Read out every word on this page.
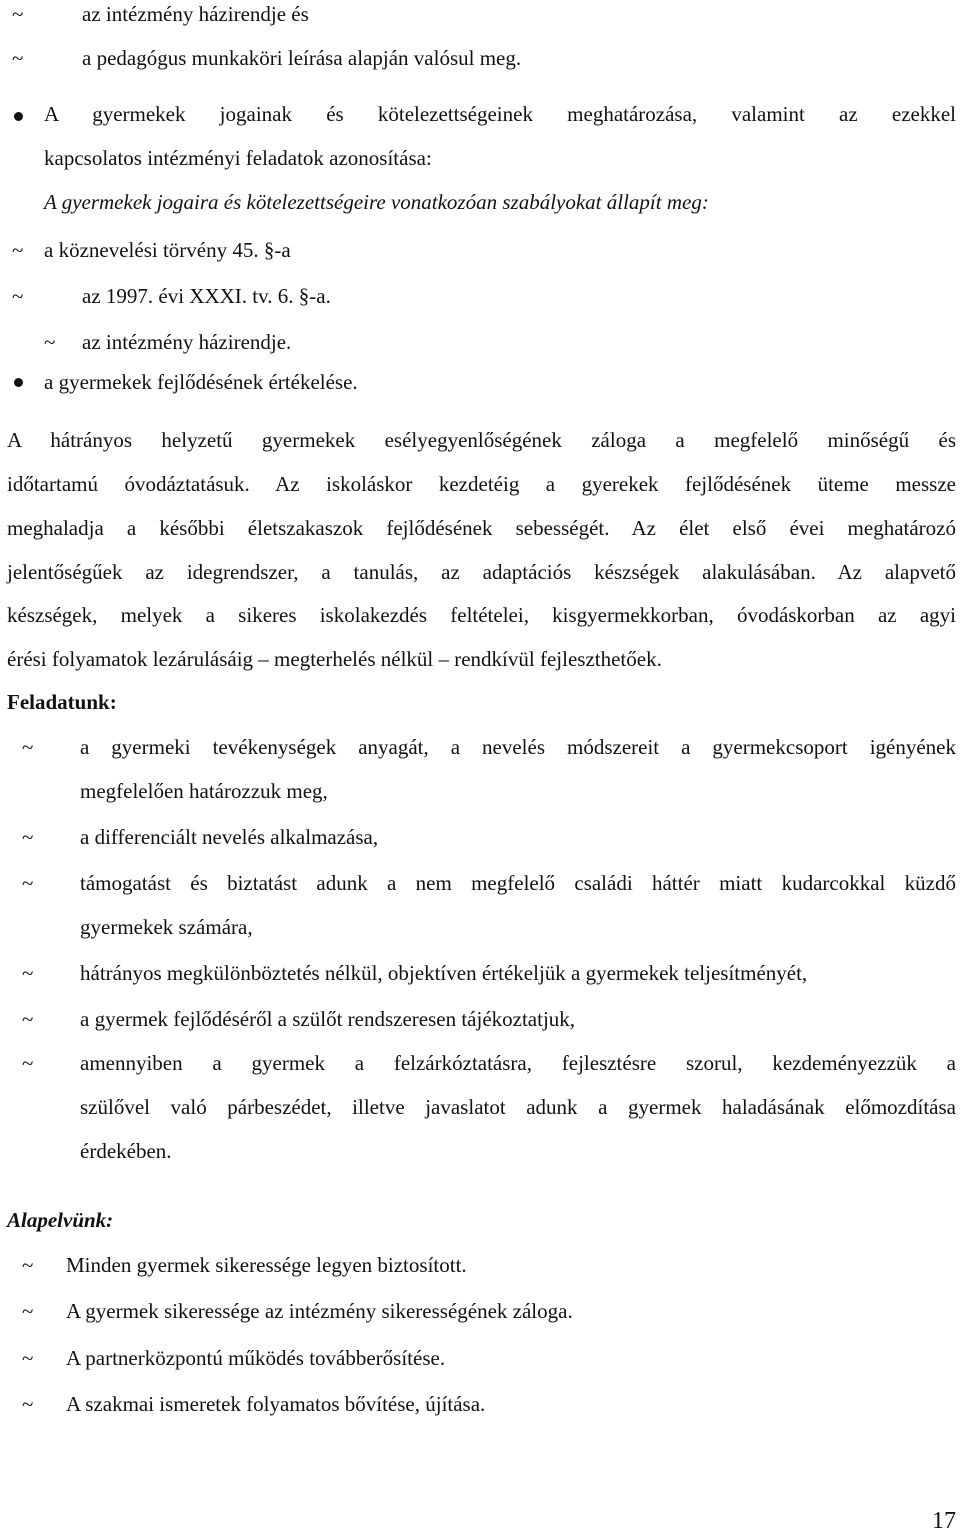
~	az intézmény házirendje és
~	a pedagógus munkaköri leírása alapján valósul meg.
A gyermekek jogainak és kötelezettségeinek meghatározása, valamint az ezekkel
kapcsolatos intézményi feladatok azonosítása:
A gyermekek jogaira és kötelezettségeire vonatkozóan szabályokat állapít meg:
~ a köznevelési törvény 45. §-a
~	az 1997. évi XXXI. tv. 6. §-a.
~ az intézmény házirendje.
a gyermekek fejlődésének értékelése.
A hátrányos helyzetű gyermekek esélyegyenlőségének záloga a megfelelő minőségű és
időtartamú óvodáztatásuk. Az iskoláskor kezdetéig a gyerekek fejlődésének üteme messze
meghaladja a későbbi életszakaszok fejlődésének sebességét. Az élet első évei meghatározó
jelentőségűek az idegrendszer, a tanulás, az adaptációs készségek alakulásában. Az alapvető
készségek, melyek a sikeres iskolakezdés feltételei, kisgyermekkorban, óvodáskorban az agyi
érési folyamatok lezárulásáig – megterhelés nélkül – rendkívül fejleszthetőek.
Feladatunk:
~ a gyermeki tevékenységek anyagát, a nevelés módszereit a gyermekcsoport igényének
megfelelően határozzuk meg,
~ a differenciált nevelés alkalmazása,
~ támogatást és biztatást adunk a nem megfelelő családi háttér miatt kudarcokkal küzdő
gyermekek számára,
~ hátrányos megkülönböztetés nélkül, objektíven értékeljük a gyermekek teljesítményét,
~ a gyermek fejlődéséről a szülőt rendszeresen tájékoztatjuk,
~ amennyiben a gyermek a felzárkóztatásra, fejlesztésre szorul, kezdeményezzük a
szülővel való párbeszédet, illetve javaslatot adunk a gyermek haladásának előmozdítása
érdekében.
Alapelvünk:
~ Minden gyermek sikeressége legyen biztosított.
~ A gyermek sikeressége az intézmény sikerességének záloga.
~ A partnerközpontú működés továbberősítése.
~ A szakmai ismeretek folyamatos bővítése, újítása.
17
